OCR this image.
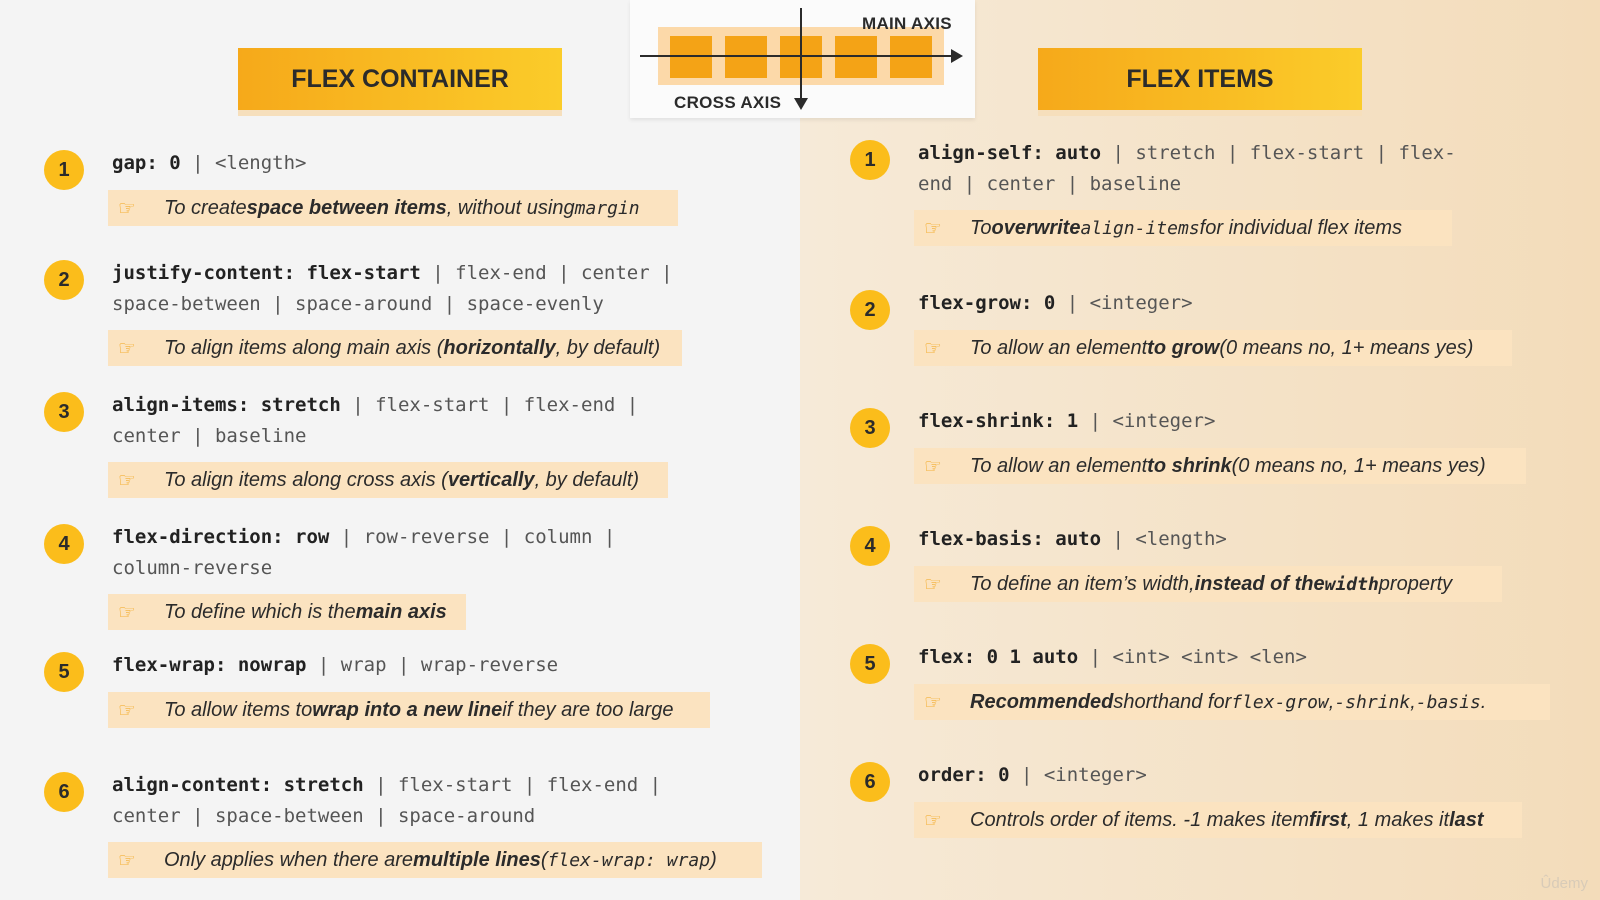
FLEX CONTAINER	FLEX ITEMS
MAIN AXIS
CROSS AXIS
1	gap: 0 | <length>
☞	To create space between items , without using margin
2	justify-content: flex-start | flex-end | center |
space-between | space-around | space-evenly
☞	To align items along main axis ( horizontally , by default)
3	align-items: stretch | flex-start | flex-end |
center | baseline
☞	To align items along cross axis ( vertically , by default)
4	flex-direction: row | row-reverse | column |
column-reverse
☞	To define which is the main axis
5	flex-wrap: nowrap | wrap | wrap-reverse
☞	To allow items to wrap into a new line if they are too large
6	align-content: stretch | flex-start | flex-end |
center | space-between | space-around
☞	Only applies when there are multiple lines ( flex-wrap: wrap )
1	align-self: auto | stretch | flex-start | flex-
end | center | baseline
☞	To overwrite align-items for individual flex items
2	flex-grow: 0 | <integer>
☞	To allow an element to grow (0 means no, 1+ means yes)
3	flex-shrink: 1 | <integer>
☞	To allow an element to shrink (0 means no, 1+ means yes)
4	flex-basis: auto | <length>
☞	To define an item’s width, instead of the width property
5	flex: 0 1 auto | <int> <int> <len>
☞	Recommended shorthand for flex-grow , -shrink , -basis .
6	order: 0 | <integer>
☞	Controls order of items. -1 makes item first , 1 makes it last
Ûdemy
